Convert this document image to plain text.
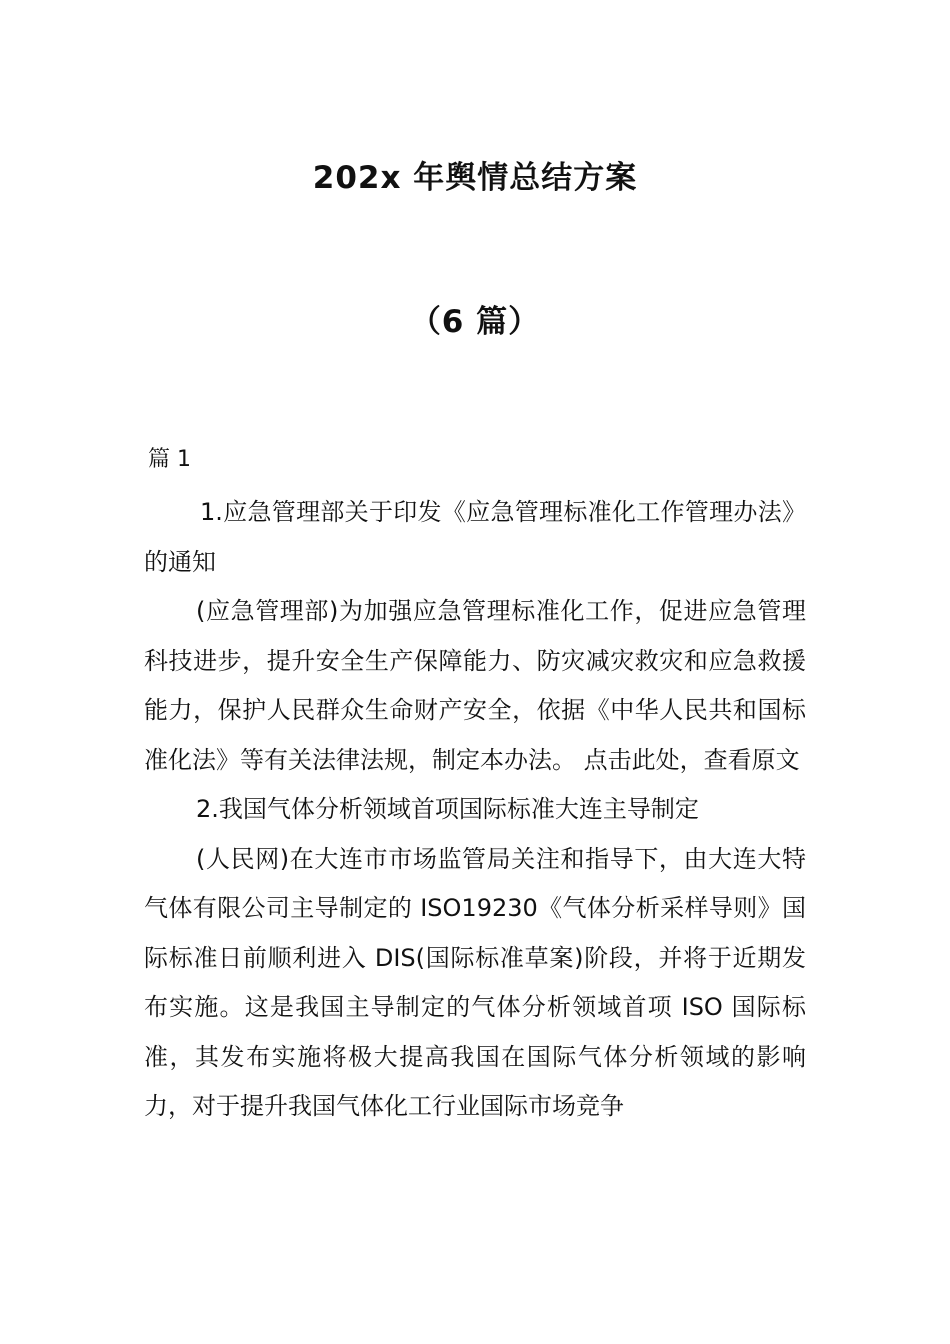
202x 年舆情总结方案
（6 篇）
篇 1

1.应急管理部关于印发《应急管理标准化工作管理办法》的通知

(应急管理部)为加强应急管理标准化工作，促进应急管理科技进步，提升安全生产保障能力、防灾减灾救灾和应急救援能力，保护人民群众生命财产安全，依据《中华人民共和国标准化法》等有关法律法规，制定本办法。 点击此处，查看原文

2.我国气体分析领域首项国际标准大连主导制定

(人民网)在大连市市场监管局关注和指导下，由大连大特气体有限公司主导制定的 ISO19230《气体分析采样导则》国际标准日前顺利进入 DIS(国际标准草案)阶段，并将于近期发布实施。这是我国主导制定的气体分析领域首项 ISO 国际标准，其发布实施将极大提高我国在国际气体分析领域的影响力，对于提升我国气体化工行业国际市场竞争
